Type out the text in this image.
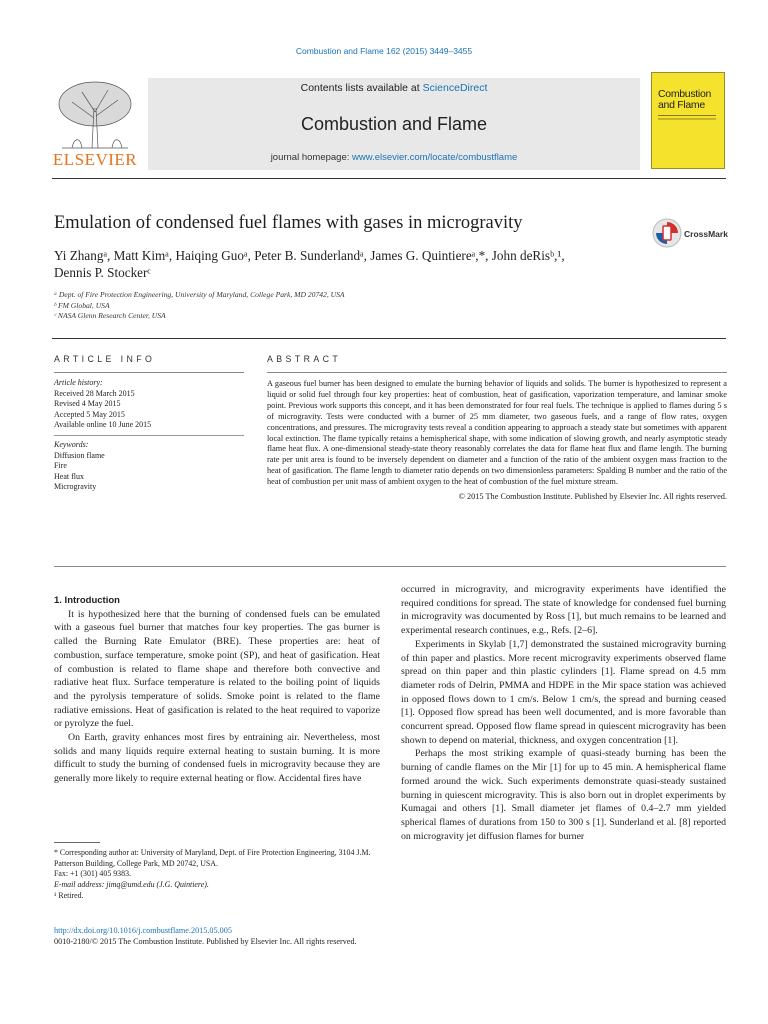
Combustion and Flame 162 (2015) 3449–3455
ELSEVIER
Contents lists available at ScienceDirect
Combustion and Flame
journal homepage: www.elsevier.com/locate/combustflame
Combustion
and Flame
Emulation of condensed fuel flames with gases in microgravity
CrossMark
Yi Zhangᵃ, Matt Kimᵃ, Haiqing Guoᵃ, Peter B. Sunderlandᵃ, James G. Quintiereᵃ,*, John deRisᵇ,¹,
Dennis P. Stockerᶜ
ᵃ Dept. of Fire Protection Engineering, University of Maryland, College Park, MD 20742, USA
ᵇ FM Global, USA
ᶜ NASA Glenn Research Center, USA
ARTICLE INFO	ABSTRACT
Article history:
Received 28 March 2015
Revised 4 May 2015
Accepted 5 May 2015
Available online 10 June 2015
Keywords:
Diffusion flame
Fire
Heat flux
Microgravity
A gaseous fuel burner has been designed to emulate the burning behavior of liquids and solids. The burner is hypothesized to represent a liquid or solid fuel through four key properties: heat of combustion, heat of gasification, vaporization temperature, and laminar smoke point. Previous work supports this concept, and it has been demonstrated for four real fuels. The technique is applied to flames during 5 s of microgravity. Tests were conducted with a burner of 25 mm diameter, two gaseous fuels, and a range of flow rates, oxygen concentrations, and pressures. The microgravity tests reveal a condition appearing to approach a steady state but sometimes with apparent local extinction. The flame typically retains a hemispherical shape, with some indication of slowing growth, and nearly asymptotic steady flame heat flux. A one-dimensional steady-state theory reasonably correlates the data for flame heat flux and flame length. The burning rate per unit area is found to be inversely dependent on diameter and a function of the ratio of the ambient oxygen mass fraction to the heat of gasification. The flame length to diameter ratio depends on two dimensionless parameters: Spalding B number and the ratio of the heat of combustion per unit mass of ambient oxygen to the heat of combustion of the fuel mixture stream.
© 2015 The Combustion Institute. Published by Elsevier Inc. All rights reserved.

1. Introduction

It is hypothesized here that the burning of condensed fuels can be emulated with a gaseous fuel burner that matches four key properties. The gas burner is called the Burning Rate Emulator (BRE). These properties are: heat of combustion, surface temperature, smoke point (SP), and heat of gasification. Heat of combustion is related to flame shape and therefore both convective and radiative heat flux. Surface temperature is related to the boiling point of liquids and the pyrolysis temperature of solids. Smoke point is related to the flame radiative emissions. Heat of gasification is related to the heat required to vaporize or pyrolyze the fuel.

On Earth, gravity enhances most fires by entraining air. Nevertheless, most solids and many liquids require external heating to sustain burning. It is more difficult to study the burning of condensed fuels in microgravity because they are generally more likely to require external heating or flow. Accidental fires have

occurred in microgravity, and microgravity experiments have identified the required conditions for spread. The state of knowledge for condensed fuel burning in microgravity was documented by Ross [1], but much remains to be learned and experimental research continues, e.g., Refs. [2–6].

Experiments in Skylab [1,7] demonstrated the sustained microgravity burning of thin paper and plastics. More recent microgravity experiments observed flame spread on thin paper and thin plastic cylinders [1]. Flame spread on 4.5 mm diameter rods of Delrin, PMMA and HDPE in the Mir space station was achieved in opposed flows down to 1 cm/s. Below 1 cm/s, the spread and burning ceased [1]. Opposed flow spread has been well documented, and is more favorable than concurrent spread. Opposed flow flame spread in quiescent microgravity has been shown to depend on material, thickness, and oxygen concentration [1].

Perhaps the most striking example of quasi-steady burning has been the burning of candle flames on the Mir [1] for up to 45 min. A hemispherical flame formed around the wick. Such experiments demonstrate quasi-steady sustained burning in quiescent microgravity. This is also born out in droplet experiments by Kumagai and others [1]. Small diameter jet flames of 0.4–2.7 mm yielded spherical flames of durations from 150 to 300 s [1]. Sunderland et al. [8] reported on microgravity jet diffusion flames for burner

* Corresponding author at: University of Maryland, Dept. of Fire Protection Engineering, 3104 J.M. Patterson Building, College Park, MD 20742, USA.
Fax: +1 (301) 405 9383.
E-mail address: jimq@umd.edu (J.G. Quintiere).
¹ Retired.
http://dx.doi.org/10.1016/j.combustflame.2015.05.005
0010-2180/© 2015 The Combustion Institute. Published by Elsevier Inc. All rights reserved.
